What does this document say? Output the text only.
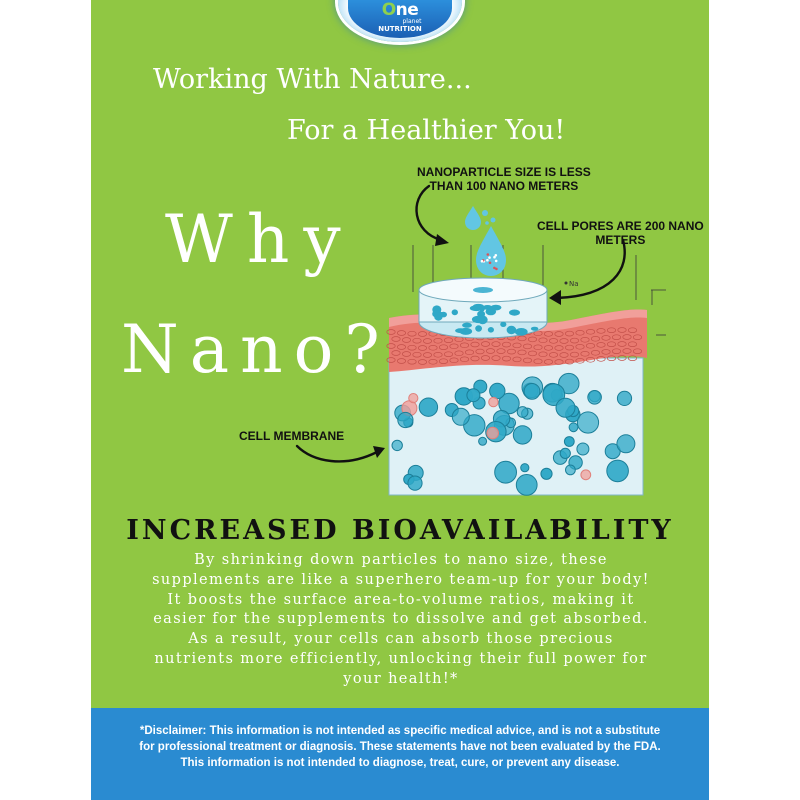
One
planet
NUTRITION
Working With Nature...
For a Healthier You!
Na
NANOPARTICLE SIZE IS LESS
THAN 100 NANO METERS
CELL PORES ARE 200 NANO
METERS
CELL MEMBRANE
Why
Nano?
INCREASED BIOAVAILABILITY

By shrinking down particles to nano size, these supplements are like a superhero team-up for your body! It boosts the surface area-to-volume ratios, making it easier for the supplements to dissolve and get absorbed. As a result, your cells can absorb those precious nutrients more efficiently, unlocking their full power for your health!*

*Disclaimer: This information is not intended as specific medical advice, and is not a substitute for professional treatment or diagnosis. These statements have not been evaluated by the FDA. This information is not intended to diagnose, treat, cure, or prevent any disease.
